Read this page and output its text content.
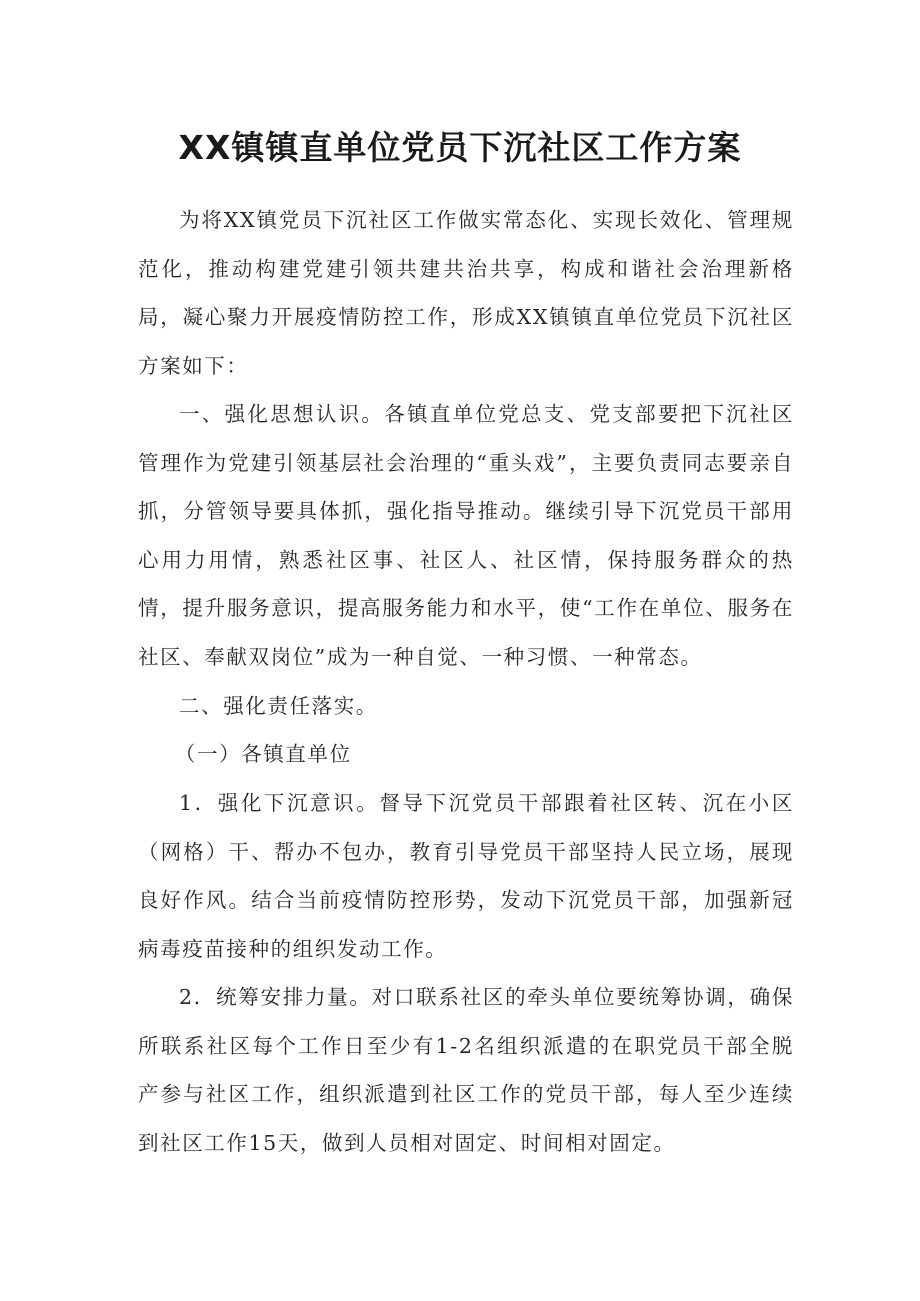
XX镇镇直单位党员下沉社区工作方案

为将XX镇党员下沉社区工作做实常态化、实现长效化、管理规范化，推动构建党建引领共建共治共享，构成和谐社会治理新格局，凝心聚力开展疫情防控工作，形成XX镇镇直单位党员下沉社区方案如下：

一、强化思想认识。各镇直单位党总支、党支部要把下沉社区管理作为党建引领基层社会治理的“重头戏”，主要负责同志要亲自抓，分管领导要具体抓，强化指导推动。继续引导下沉党员干部用心用力用情，熟悉社区事、社区人、社区情，保持服务群众的热情，提升服务意识，提高服务能力和水平，使“工作在单位、服务在社区、奉献双岗位”成为一种自觉、一种习惯、一种常态。

二、强化责任落实。

（一）各镇直单位

1．强化下沉意识。督导下沉党员干部跟着社区转、沉在小区（网格）干、帮办不包办，教育引导党员干部坚持人民立场，展现良好作风。结合当前疫情防控形势，发动下沉党员干部，加强新冠病毒疫苗接种的组织发动工作。

2．统筹安排力量。对口联系社区的牵头单位要统筹协调，确保所联系社区每个工作日至少有1-2名组织派遣的在职党员干部全脱产参与社区工作，组织派遣到社区工作的党员干部，每人至少连续到社区工作15天，做到人员相对固定、时间相对固定。
